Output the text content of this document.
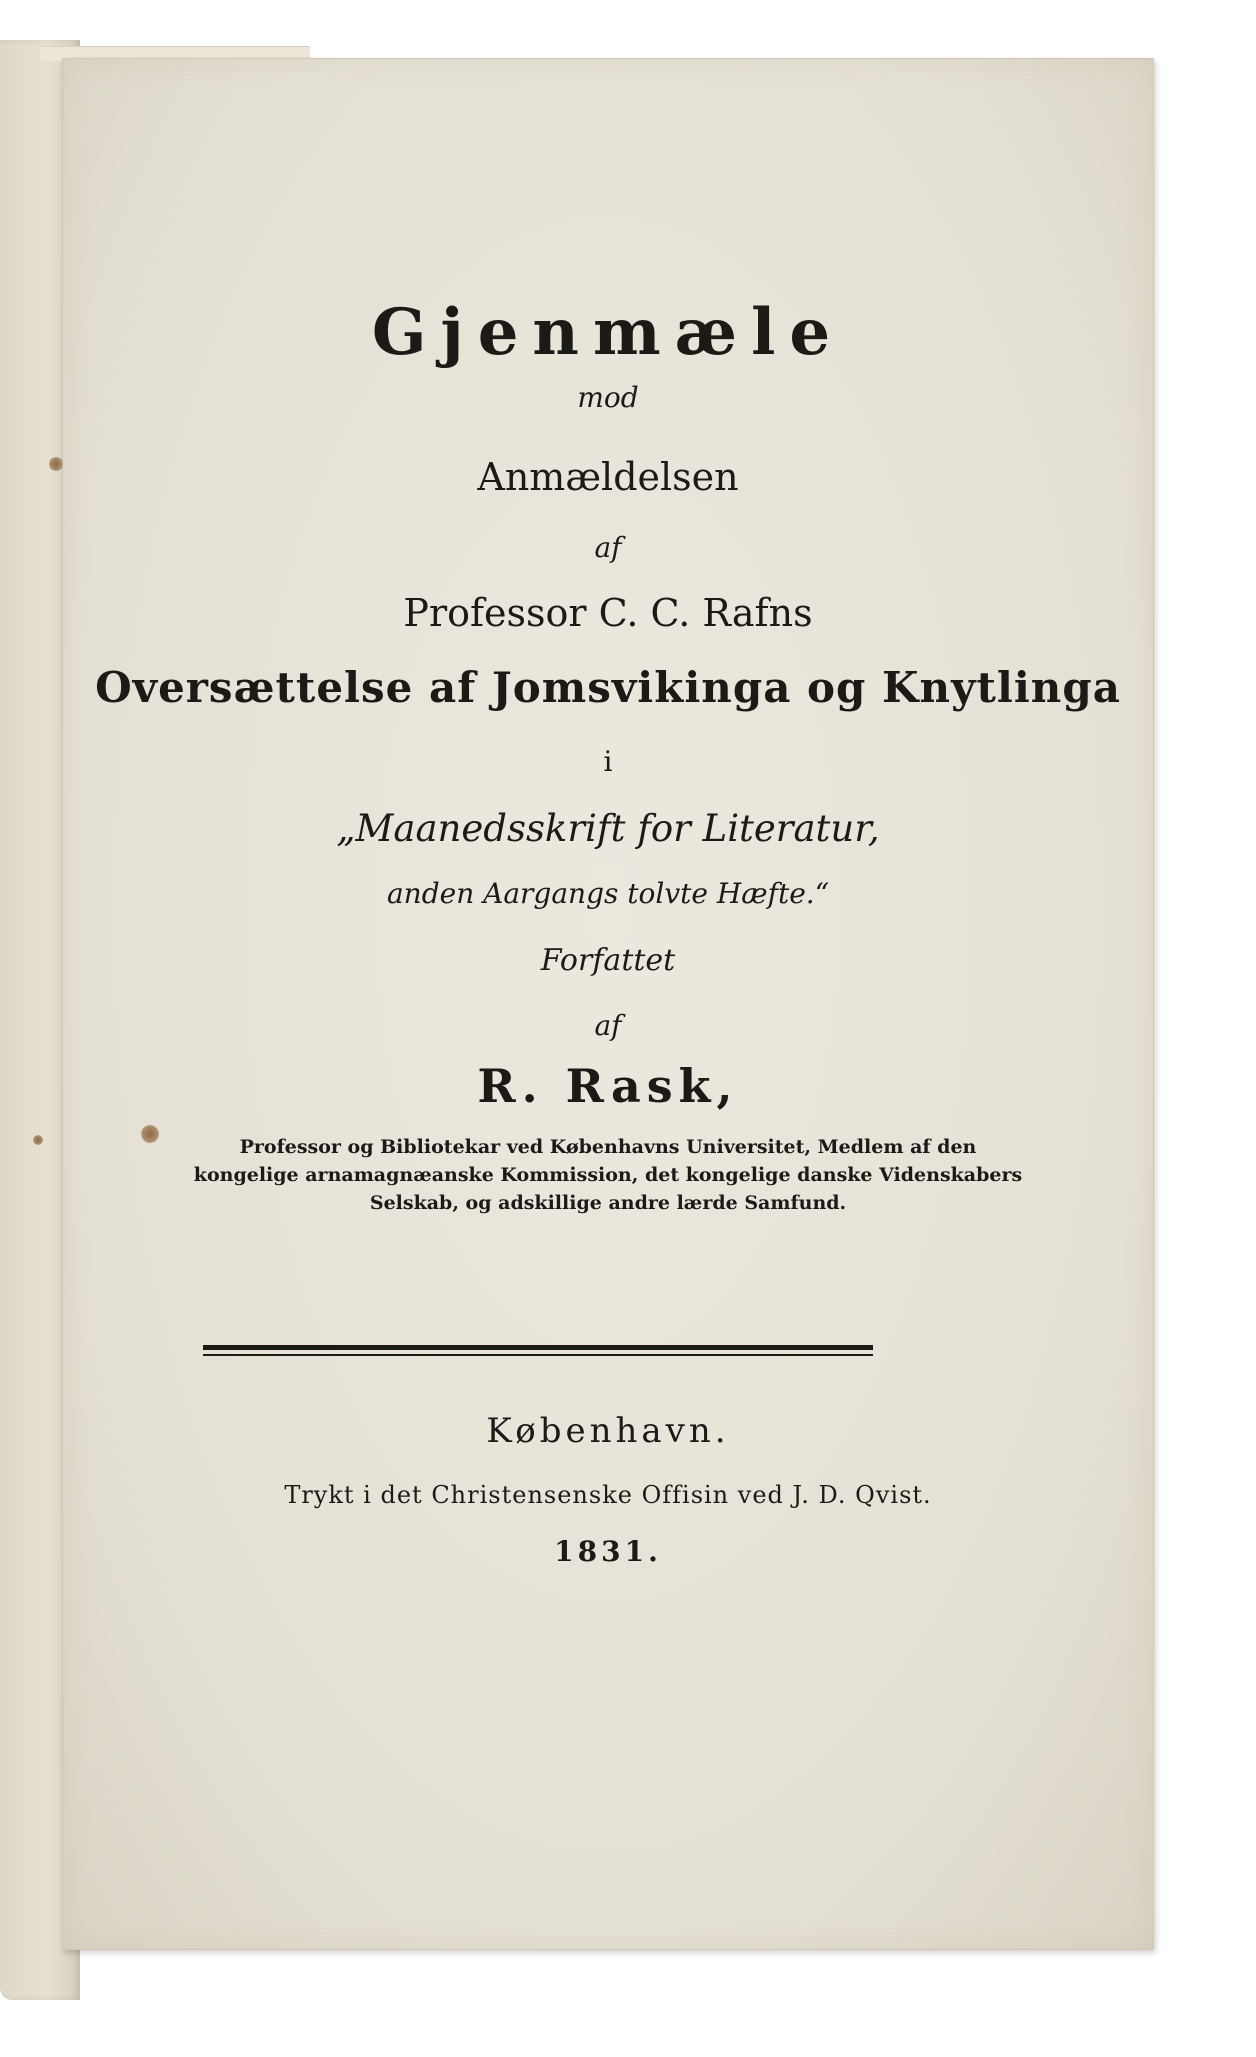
Gjenmæle
mod
Anmældelsen
af
Professor C. C. Rafns
Oversættelse af Jomsvikinga og Knytlinga
i
„Maanedsskrift for Literatur,
anden Aargangs tolvte Hæfte.“
Forfattet
af
R. Rask,
Professor og Bibliotekar ved Københavns Universitet, Medlem af den kongelige arnamagnæanske Kommission, det kongelige danske Videnskabers Selskab, og adskillige andre lærde Samfund.
København.
Trykt i det Christensenske Offisin ved J. D. Qvist.
1831.
